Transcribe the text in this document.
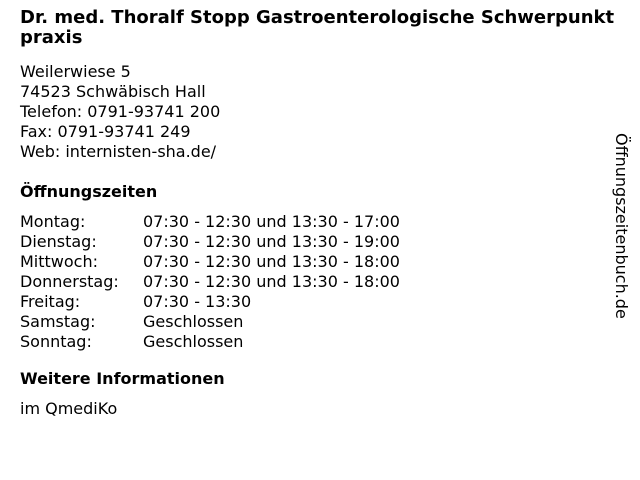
Dr. med. Thoralf Stopp Gastroenterologische Schwerpunktpraxis
Weilerwiese 5
74523 Schwäbisch Hall
Telefon: 0791-93741 200
Fax: 0791-93741 249
Web: internisten-sha.de/
Öffnungszeiten
Montag:	07:30 - 12:30 und 13:30 - 17:00
Dienstag:	07:30 - 12:30 und 13:30 - 19:00
Mittwoch:	07:30 - 12:30 und 13:30 - 18:00
Donnerstag:	07:30 - 12:30 und 13:30 - 18:00
Freitag:	07:30 - 13:30
Samstag:	Geschlossen
Sonntag:	Geschlossen
Weitere Informationen
im QmediKo
Öffnungszeitenbuch.de
